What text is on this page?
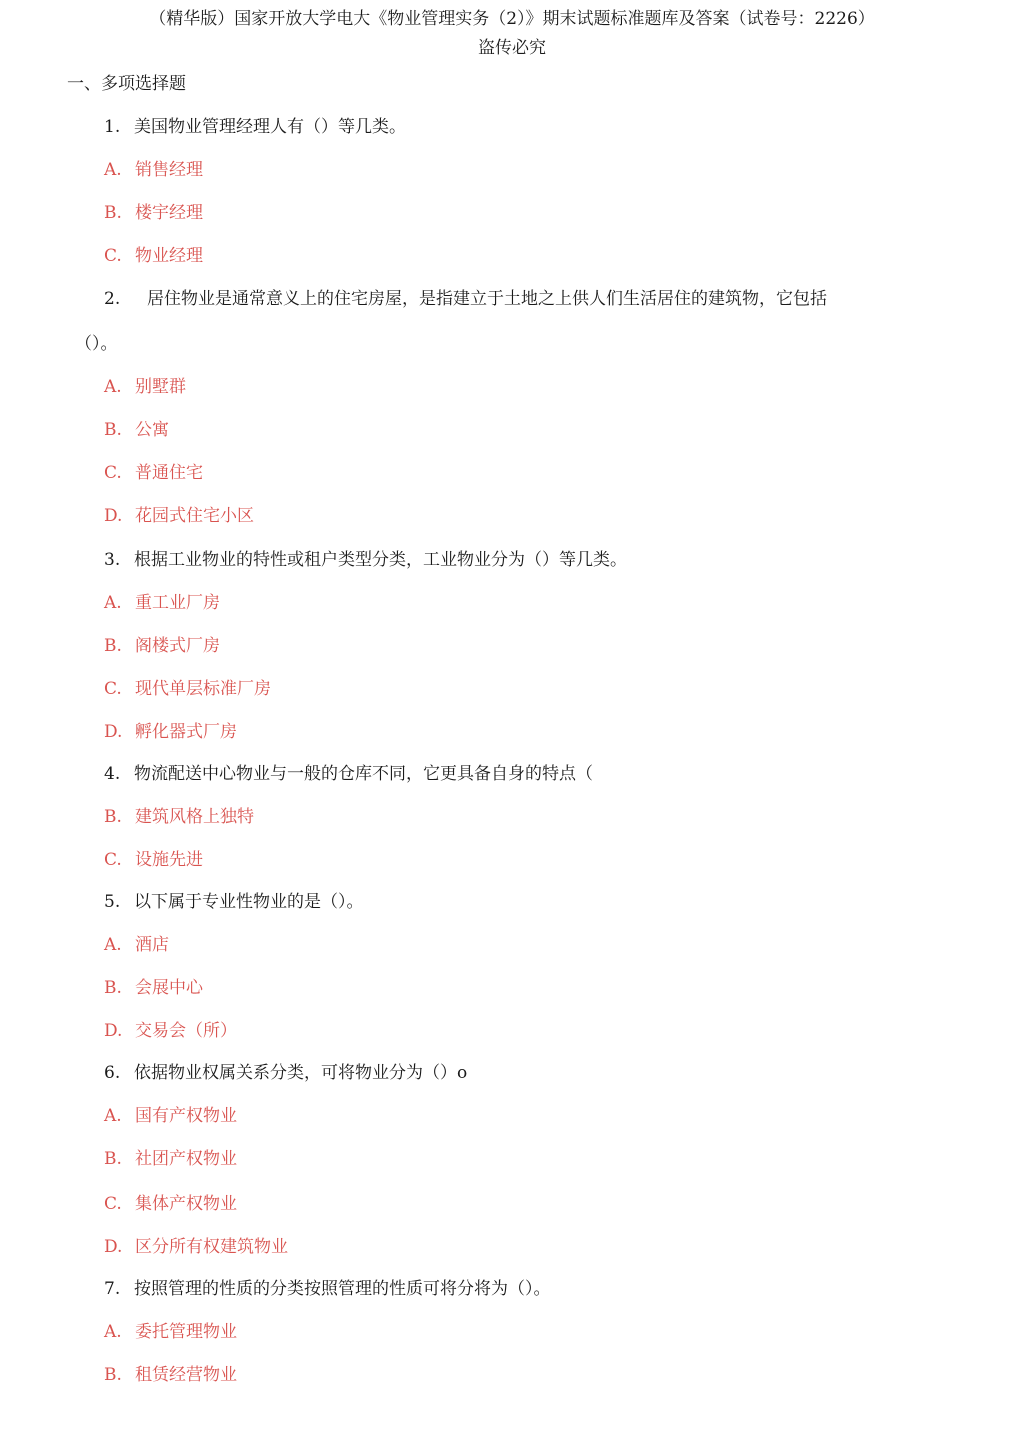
（精华版）国家开放大学电大《物业管理实务（2）》期末试题标准题库及答案（试卷号：2226）
盗传必究
一、多项选择题
1. 美国物业管理经理人有（）等几类。
A. 销售经理
B. 楼宇经理
C. 物业经理
2. 居住物业是通常意义上的住宅房屋，是指建立于土地之上供人们生活居住的建筑物，它包括
（）。
A. 别墅群
B. 公寓
C. 普通住宅
D. 花园式住宅小区
3. 根据工业物业的特性或租户类型分类，工业物业分为（）等几类。
A. 重工业厂房
B. 阁楼式厂房
C. 现代单层标准厂房
D. 孵化器式厂房
4. 物流配送中心物业与一般的仓库不同，它更具备自身的特点（
B. 建筑风格上独特
C. 设施先进
5. 以下属于专业性物业的是（）。
A. 酒店
B. 会展中心
D. 交易会（所）
6. 依据物业权属关系分类，可将物业分为（）o
A. 国有产权物业
B. 社团产权物业
C. 集体产权物业
D. 区分所有权建筑物业
7. 按照管理的性质的分类按照管理的性质可将分将为（）。
A. 委托管理物业
B. 租赁经营物业
